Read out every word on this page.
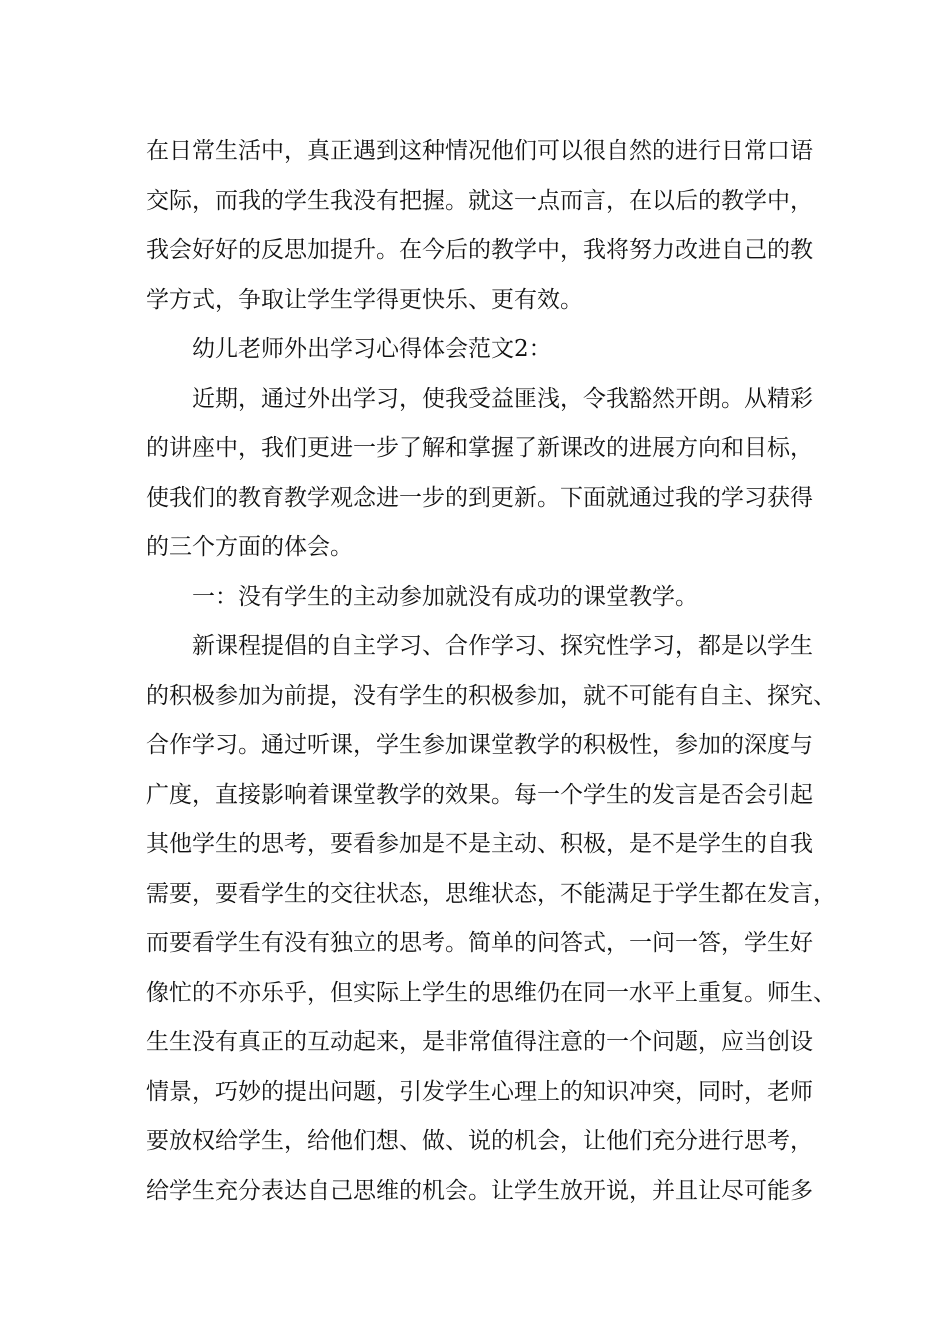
在日常生活中，真正遇到这种情况他们可以很自然的进行日常口语
交际，而我的学生我没有把握。就这一点而言，在以后的教学中，
我会好好的反思加提升。在今后的教学中，我将努力改进自己的教
学方式，争取让学生学得更快乐、更有效。
幼儿老师外出学习心得体会范文2：
近期，通过外出学习，使我受益匪浅，令我豁然开朗。从精彩
的讲座中，我们更进一步了解和掌握了新课改的进展方向和目标，
使我们的教育教学观念进一步的到更新。下面就通过我的学习获得
的三个方面的体会。
一：没有学生的主动参加就没有成功的课堂教学。
新课程提倡的自主学习、合作学习、探究性学习，都是以学生
的积极参加为前提，没有学生的积极参加，就不可能有自主、探究、
合作学习。通过听课，学生参加课堂教学的积极性，参加的深度与
广度，直接影响着课堂教学的效果。每一个学生的发言是否会引起
其他学生的思考，要看参加是不是主动、积极，是不是学生的自我
需要，要看学生的交往状态，思维状态，不能满足于学生都在发言，
而要看学生有没有独立的思考。简单的问答式，一问一答，学生好
像忙的不亦乐乎，但实际上学生的思维仍在同一水平上重复。师生、
生生没有真正的互动起来，是非常值得注意的一个问题，应当创设
情景，巧妙的提出问题，引发学生心理上的知识冲突，同时，老师
要放权给学生，给他们想、做、说的机会，让他们充分进行思考，
给学生充分表达自己思维的机会。让学生放开说，并且让尽可能多
